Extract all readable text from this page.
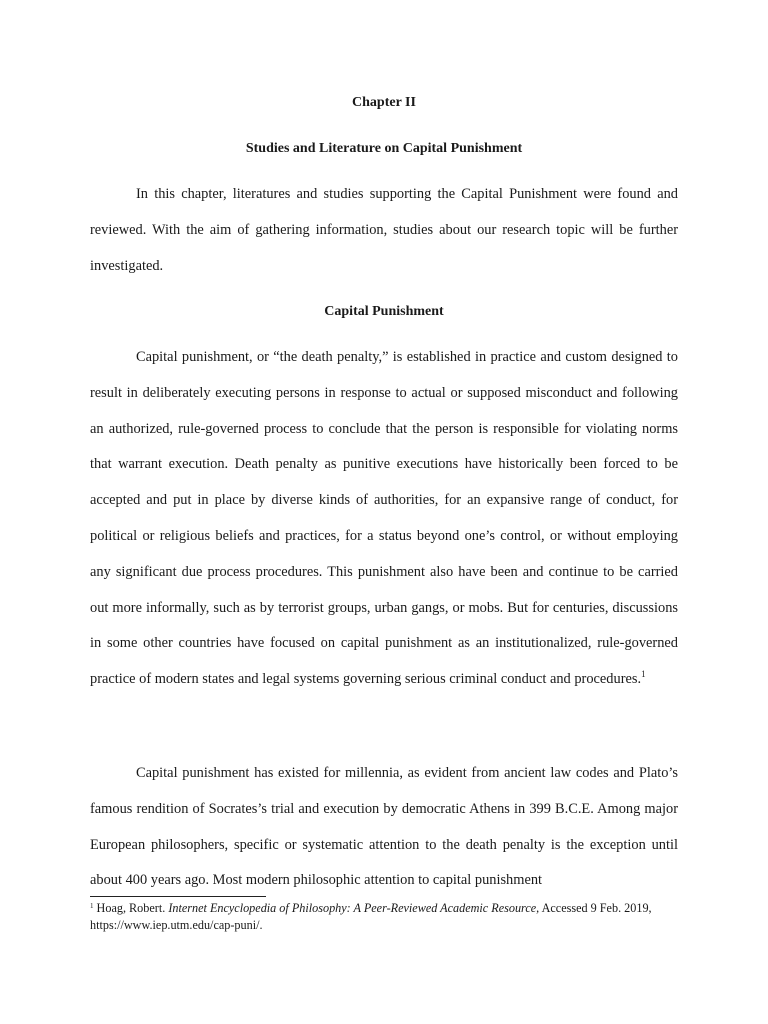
Chapter II
Studies and Literature on Capital Punishment

In this chapter, literatures and studies supporting the Capital Punishment were found and reviewed. With the aim of gathering information, studies about our research topic will be further investigated.

Capital Punishment

Capital punishment, or “the death penalty,” is established in practice and custom designed to result in deliberately executing persons in response to actual or supposed misconduct and following an authorized, rule-governed process to conclude that the person is responsible for violating norms that warrant execution. Death penalty as punitive executions have historically been forced to be accepted and put in place by diverse kinds of authorities, for an expansive range of conduct, for political or religious beliefs and practices, for a status beyond one’s control, or without employing any significant due process procedures. This punishment also have been and continue to be carried out more informally, such as by terrorist groups, urban gangs, or mobs. But for centuries, discussions in some other countries have focused on capital punishment as an institutionalized, rule-governed practice of modern states and legal systems governing serious criminal conduct and procedures.$^1$

Capital punishment has existed for millennia, as evident from ancient law codes and Plato’s famous rendition of Socrates’s trial and execution by democratic Athens in 399 B.C.E. Among major European philosophers, specific or systematic attention to the death penalty is the exception until about 400 years ago. Most modern philosophic attention to capital punishment

$^1$ Hoag, Robert. Internet Encyclopedia of Philosophy: A Peer-Reviewed Academic Resource, Accessed 9 Feb. 2019, https://www.iep.utm.edu/cap-puni/.
